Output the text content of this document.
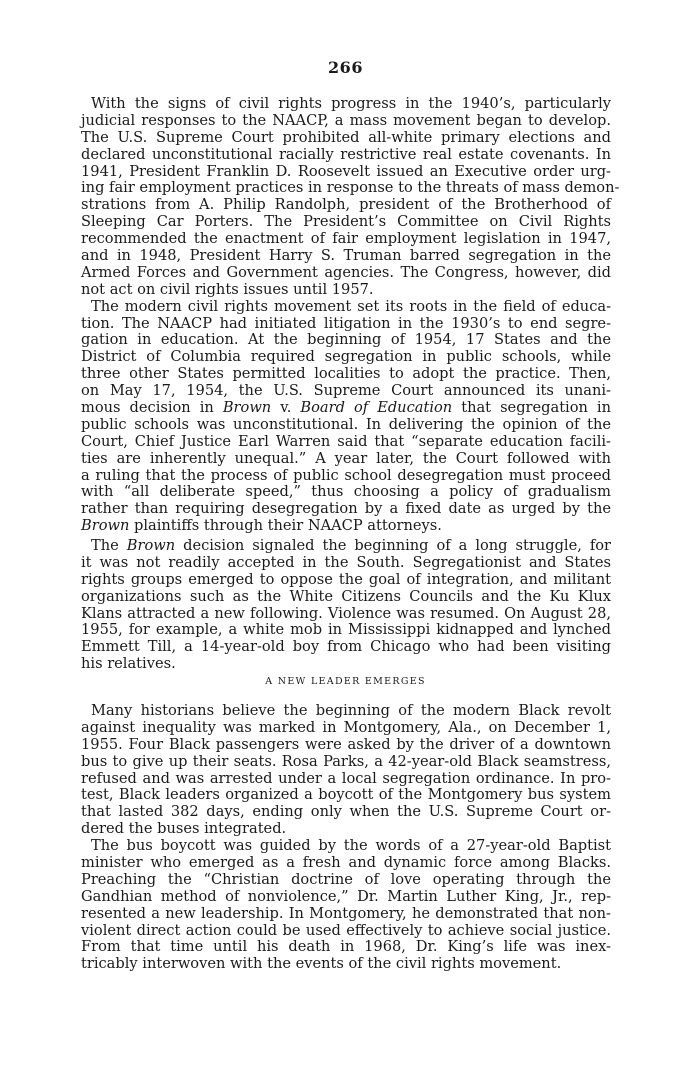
266
With the signs of civil rights progress in the 1940’s, particularly
judicial responses to the NAACP, a mass movement began to develop.
The U.S. Supreme Court prohibited all-white primary elections and
declared unconstitutional racially restrictive real estate covenants. In
1941, President Franklin D. Roosevelt issued an Executive order urg-
ing fair employment practices in response to the threats of mass demon-
strations from A. Philip Randolph, president of the Brotherhood of
Sleeping Car Porters. The President’s Committee on Civil Rights
recommended the enactment of fair employment legislation in 1947,
and in 1948, President Harry S. Truman barred segregation in the
Armed Forces and Government agencies. The Congress, however, did
not act on civil rights issues until 1957.
The modern civil rights movement set its roots in the field of educa-
tion. The NAACP had initiated litigation in the 1930’s to end segre-
gation in education. At the beginning of 1954, 17 States and the
District of Columbia required segregation in public schools, while
three other States permitted localities to adopt the practice. Then,
on May 17, 1954, the U.S. Supreme Court announced its unani-
mous decision in Brown v. Board of Education that segregation in
public schools was unconstitutional. In delivering the opinion of the
Court, Chief Justice Earl Warren said that “separate education facili-
ties are inherently unequal.” A year later, the Court followed with
a ruling that the process of public school desegregation must proceed
with “all deliberate speed,” thus choosing a policy of gradualism
rather than requiring desegregation by a fixed date as urged by the
Brown plaintiffs through their NAACP attorneys.
The Brown decision signaled the beginning of a long struggle, for
it was not readily accepted in the South. Segregationist and States
rights groups emerged to oppose the goal of integration, and militant
organizations such as the White Citizens Councils and the Ku Klux
Klans attracted a new following. Violence was resumed. On August 28,
1955, for example, a white mob in Mississippi kidnapped and lynched
Emmett Till, a 14-year-old boy from Chicago who had been visiting
his relatives.
A NEW LEADER EMERGES
Many historians believe the beginning of the modern Black revolt
against inequality was marked in Montgomery, Ala., on December 1,
1955. Four Black passengers were asked by the driver of a downtown
bus to give up their seats. Rosa Parks, a 42-year-old Black seamstress,
refused and was arrested under a local segregation ordinance. In pro-
test, Black leaders organized a boycott of the Montgomery bus system
that lasted 382 days, ending only when the U.S. Supreme Court or-
dered the buses integrated.
The bus boycott was guided by the words of a 27-year-old Baptist
minister who emerged as a fresh and dynamic force among Blacks.
Preaching the “Christian doctrine of love operating through the
Gandhian method of nonviolence,” Dr. Martin Luther King, Jr., rep-
resented a new leadership. In Montgomery, he demonstrated that non-
violent direct action could be used effectively to achieve social justice.
From that time until his death in 1968, Dr. King’s life was inex-
tricably interwoven with the events of the civil rights movement.
